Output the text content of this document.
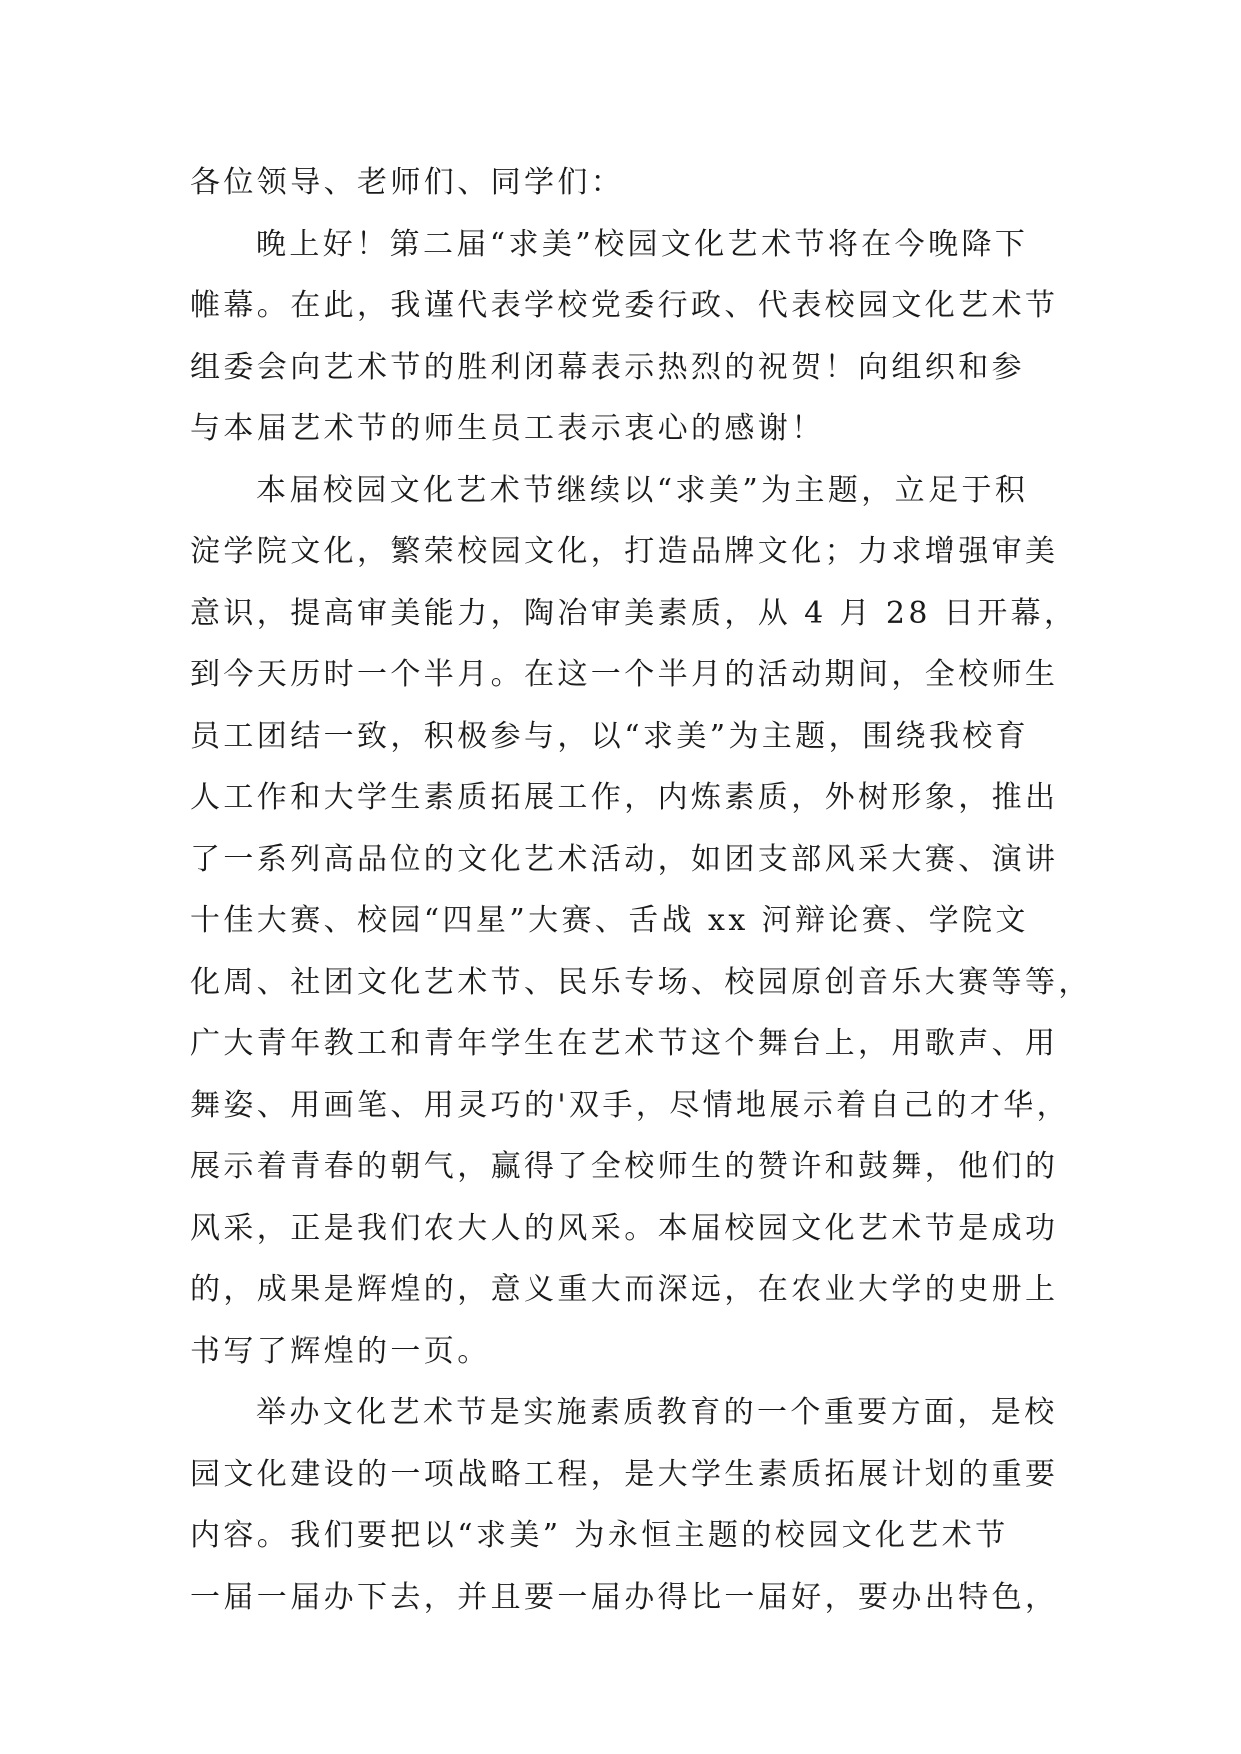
各位领导、老师们、同学们：
晚上好！第二届“求美”校园文化艺术节将在今晚降下
帷幕。在此，我谨代表学校党委行政、代表校园文化艺术节
组委会向艺术节的胜利闭幕表示热烈的祝贺！向组织和参
与本届艺术节的师生员工表示衷心的感谢！
本届校园文化艺术节继续以“求美”为主题，立足于积
淀学院文化，繁荣校园文化，打造品牌文化；力求增强审美
意识，提高审美能力，陶冶审美素质，从 4 月 28 日开幕，
到今天历时一个半月。在这一个半月的活动期间，全校师生
员工团结一致，积极参与，以“求美”为主题，围绕我校育
人工作和大学生素质拓展工作，内炼素质，外树形象，推出
了一系列高品位的文化艺术活动，如团支部风采大赛、演讲
十佳大赛、校园“四星”大赛、舌战 xx 河辩论赛、学院文
化周、社团文化艺术节、民乐专场、校园原创音乐大赛等等，
广大青年教工和青年学生在艺术节这个舞台上，用歌声、用
舞姿、用画笔、用灵巧的'双手，尽情地展示着自己的才华，
展示着青春的朝气，赢得了全校师生的赞许和鼓舞，他们的
风采，正是我们农大人的风采。本届校园文化艺术节是成功
的，成果是辉煌的，意义重大而深远，在农业大学的史册上
书写了辉煌的一页。
举办文化艺术节是实施素质教育的一个重要方面，是校
园文化建设的一项战略工程，是大学生素质拓展计划的重要
内容。我们要把以“求美” 为永恒主题的校园文化艺术节
一届一届办下去，并且要一届办得比一届好，要办出特色，
